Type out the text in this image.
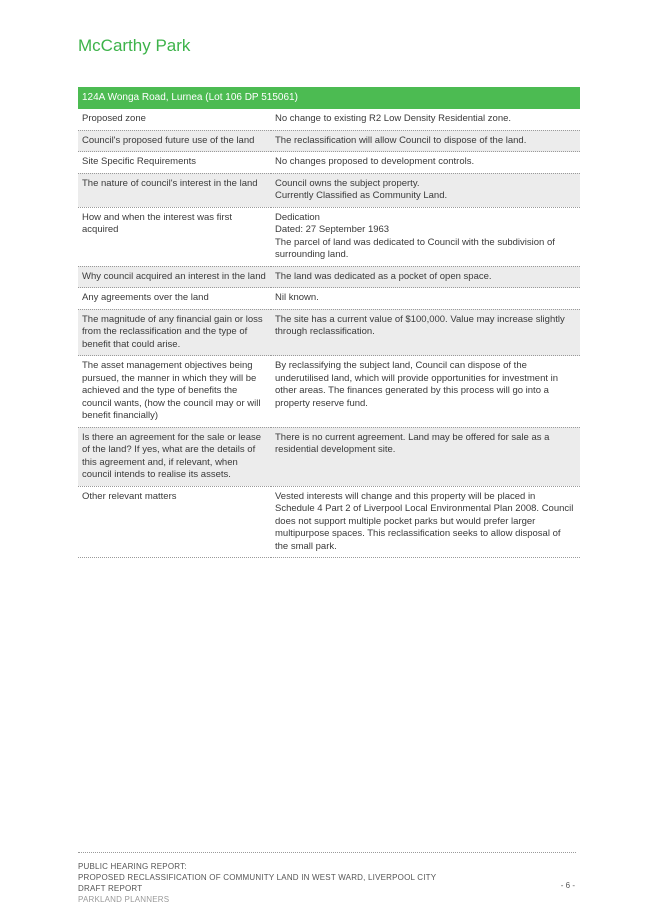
McCarthy Park
124A Wonga Road, Lurnea (Lot 106 DP 515061)	
Proposed zone	No change to existing R2 Low Density Residential zone.

Council's proposed future use of the land	The reclassification will allow Council to dispose of the land.

Site Specific Requirements	No changes proposed to development controls.

The nature of council's interest in the land	Council owns the subject property.
Currently Classified as Community Land.

How and when the interest was first acquired	Dedication
Dated: 27 September 1963
The parcel of land was dedicated to Council with the subdivision of surrounding land.

Why council acquired an interest in the land	The land was dedicated as a pocket of open space.

Any agreements over the land	Nil known.

The magnitude of any financial gain or loss from the reclassification and the type of benefit that could arise.	The site has a current value of $100,000. Value may increase slightly through reclassification.

The asset management objectives being pursued, the manner in which they will be achieved and the type of benefits the council wants, (how the council may or will benefit financially)	By reclassifying the subject land, Council can dispose of the underutilised land, which will provide opportunities for investment in other areas. The finances generated by this process will go into a property reserve fund.

Is there an agreement for the sale or lease of the land? If yes, what are the details of this agreement and, if relevant, when council intends to realise its assets.	There is no current agreement. Land may be offered for sale as a residential development site.

Other relevant matters	Vested interests will change and this property will be placed in Schedule 4 Part 2 of Liverpool Local Environmental Plan 2008. Council does not support multiple pocket parks but would prefer larger multipurpose spaces. This reclassification seeks to allow disposal of the small park.
PUBLIC HEARING REPORT:
PROPOSED RECLASSIFICATION OF COMMUNITY LAND IN WEST WARD, LIVERPOOL CITY
DRAFT REPORT
PARKLAND PLANNERS
- 6 -
